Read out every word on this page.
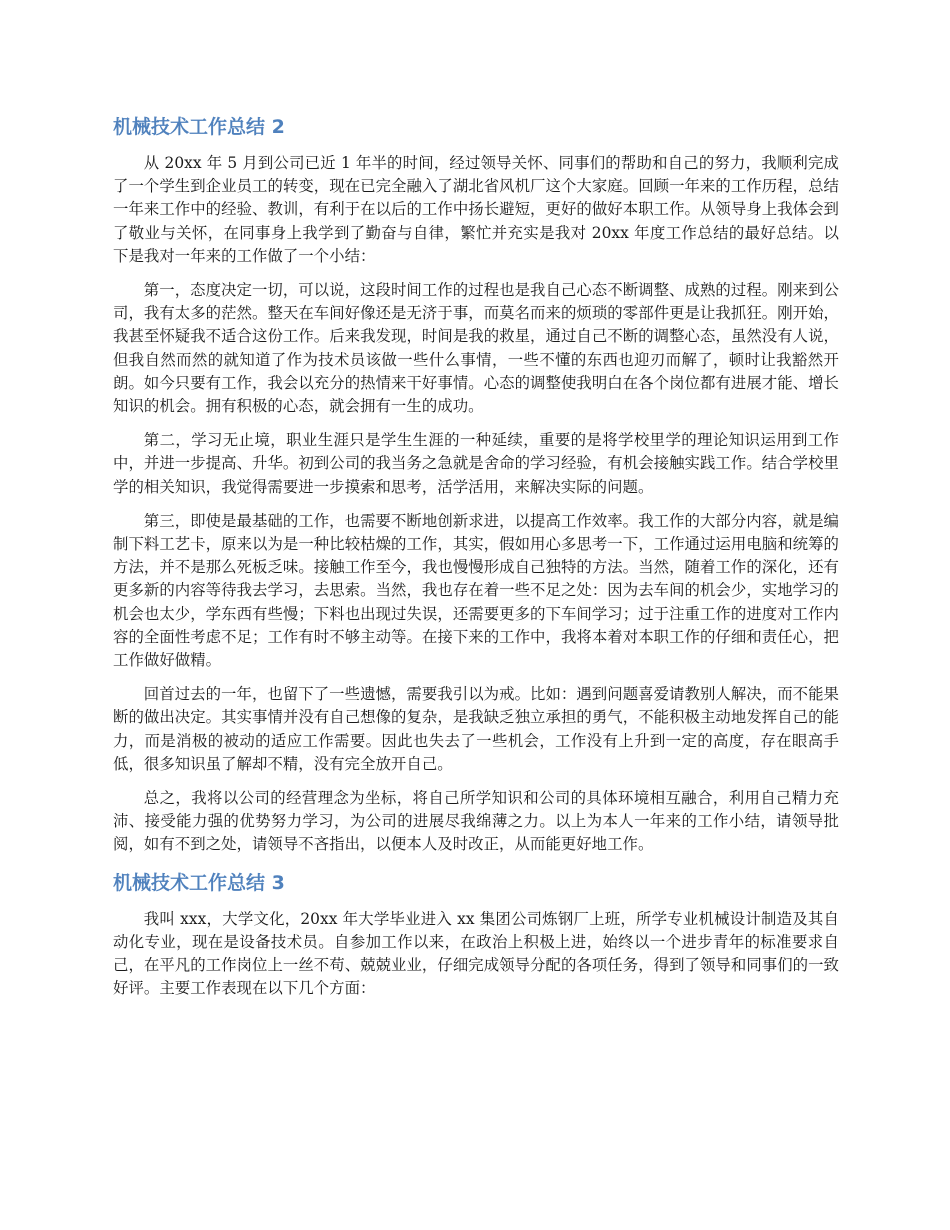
机械技术工作总结 2

从 20xx 年 5 月到公司已近 1 年半的时间，经过领导关怀、同事们的帮助和自己的努力，我顺利完成了一个学生到企业员工的转变，现在已完全融入了湖北省风机厂这个大家庭。回顾一年来的工作历程，总结一年来工作中的经验、教训，有利于在以后的工作中扬长避短，更好的做好本职工作。从领导身上我体会到了敬业与关怀，在同事身上我学到了勤奋与自律，繁忙并充实是我对 20xx 年度工作总结的最好总结。以下是我对一年来的工作做了一个小结：

第一，态度决定一切，可以说，这段时间工作的过程也是我自己心态不断调整、成熟的过程。刚来到公司，我有太多的茫然。整天在车间好像还是无济于事，而莫名而来的烦琐的零部件更是让我抓狂。刚开始，我甚至怀疑我不适合这份工作。后来我发现，时间是我的救星，通过自己不断的调整心态，虽然没有人说，但我自然而然的就知道了作为技术员该做一些什么事情，一些不懂的东西也迎刃而解了，顿时让我豁然开朗。如今只要有工作，我会以充分的热情来干好事情。心态的调整使我明白在各个岗位都有进展才能、增长知识的机会。拥有积极的心态，就会拥有一生的成功。

第二，学习无止境，职业生涯只是学生生涯的一种延续，重要的是将学校里学的理论知识运用到工作中，并进一步提高、升华。初到公司的我当务之急就是舍命的学习经验，有机会接触实践工作。结合学校里学的相关知识，我觉得需要进一步摸索和思考，活学活用，来解决实际的问题。

第三，即使是最基础的工作，也需要不断地创新求进，以提高工作效率。我工作的大部分内容，就是编制下料工艺卡，原来以为是一种比较枯燥的工作，其实，假如用心多思考一下，工作通过运用电脑和统筹的方法，并不是那么死板乏味。接触工作至今，我也慢慢形成自己独特的方法。当然，随着工作的深化，还有更多新的内容等待我去学习，去思索。当然，我也存在着一些不足之处：因为去车间的机会少，实地学习的机会也太少，学东西有些慢；下料也出现过失误，还需要更多的下车间学习；过于注重工作的进度对工作内容的全面性考虑不足；工作有时不够主动等。在接下来的工作中，我将本着对本职工作的仔细和责任心，把工作做好做精。

回首过去的一年，也留下了一些遗憾，需要我引以为戒。比如：遇到问题喜爱请教别人解决，而不能果断的做出决定。其实事情并没有自己想像的复杂，是我缺乏独立承担的勇气，不能积极主动地发挥自己的能力，而是消极的被动的适应工作需要。因此也失去了一些机会，工作没有上升到一定的高度，存在眼高手低，很多知识虽了解却不精，没有完全放开自己。

总之，我将以公司的经营理念为坐标，将自己所学知识和公司的具体环境相互融合，利用自己精力充沛、接受能力强的优势努力学习，为公司的进展尽我绵薄之力。以上为本人一年来的工作小结，请领导批阅，如有不到之处，请领导不吝指出，以便本人及时改正，从而能更好地工作。

机械技术工作总结 3

我叫 xxx，大学文化，20xx 年大学毕业进入 xx 集团公司炼钢厂上班，所学专业机械设计制造及其自动化专业，现在是设备技术员。自参加工作以来，在政治上积极上进，始终以一个进步青年的标准要求自己，在平凡的工作岗位上一丝不苟、兢兢业业，仔细完成领导分配的各项任务，得到了领导和同事们的一致好评。主要工作表现在以下几个方面：
